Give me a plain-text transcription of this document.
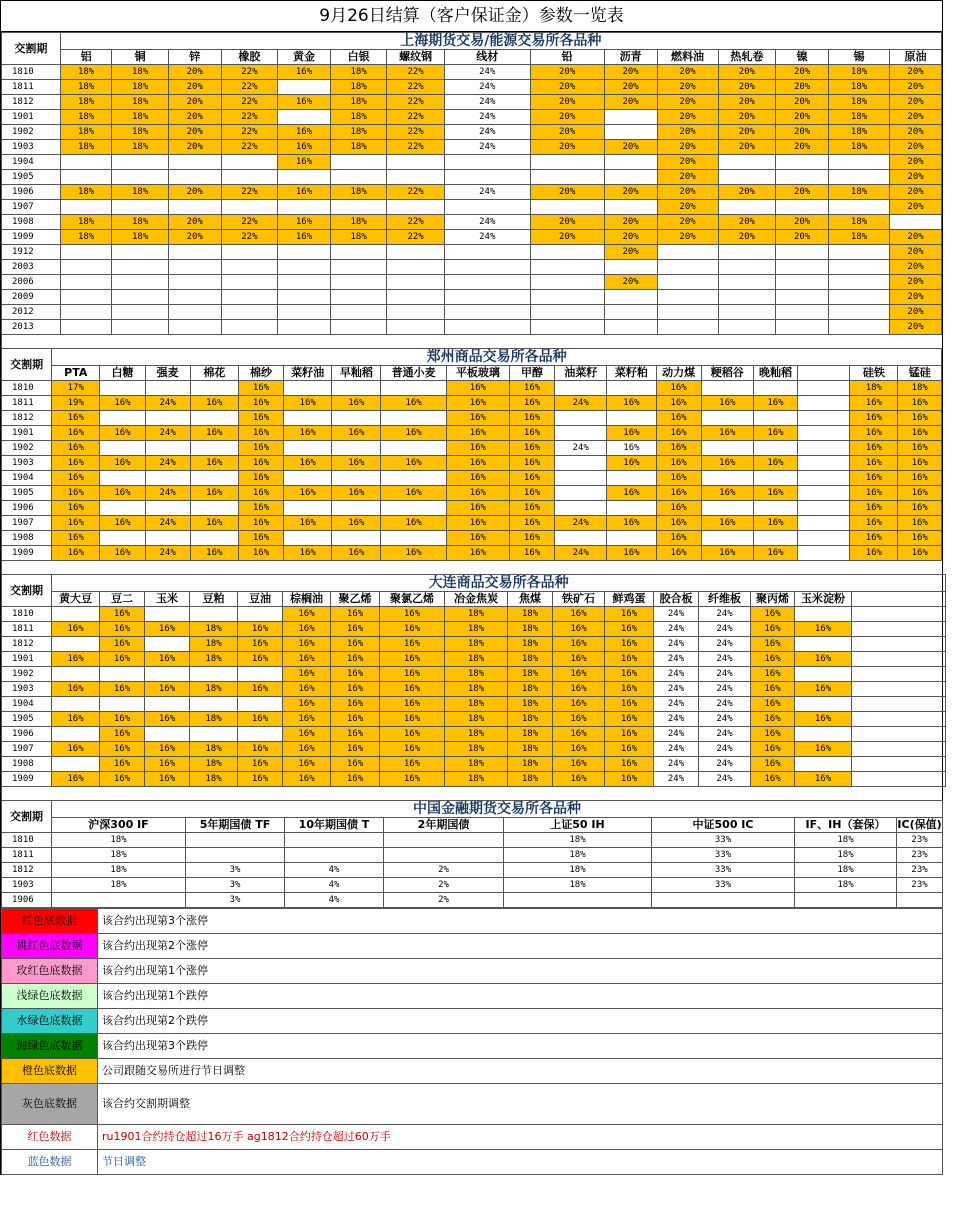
9月26日结算（客户保证金）参数一览表
交割期	上海期货交易/能源交易所各品种														
	铝	铜	锌	橡胶	黄金	白银	螺纹钢	线材	铅	沥青	燃料油	热轧卷	镍	锡	原油
1810	18%	18%	20%	22%	16%	18%	22%	24%	20%	20%	20%	20%	20%	18%	20%
1811	18%	18%	20%	22%		18%	22%	24%	20%	20%	20%	20%	20%	18%	20%
1812	18%	18%	20%	22%	16%	18%	22%	24%	20%	20%	20%	20%	20%	18%	20%
1901	18%	18%	20%	22%		18%	22%	24%	20%		20%	20%	20%	18%	20%
1902	18%	18%	20%	22%	16%	18%	22%	24%	20%		20%	20%	20%	18%	20%
1903	18%	18%	20%	22%	16%	18%	22%	24%	20%	20%	20%	20%	20%	18%	20%
1904					16%						20%				20%
1905											20%				20%
1906	18%	18%	20%	22%	16%	18%	22%	24%	20%	20%	20%	20%	20%	18%	20%
1907											20%				20%
1908	18%	18%	20%	22%	16%	18%	22%	24%	20%	20%	20%	20%	20%	18%	
1909	18%	18%	20%	22%	16%	18%	22%	24%	20%	20%	20%	20%	20%	18%	20%
1912										20%					20%
2003															20%
2006										20%					20%
2009															20%
2012															20%
2013															20%

交割期	郑州商品交易所各品种																	
	PTA	白糖	强麦	棉花	棉纱	菜籽油	早籼稻	普通小麦	平板玻璃	甲醇	油菜籽	菜籽粕	动力煤	粳稻谷	晚籼稻		硅铁	锰硅
1810	17%				16%				16%	16%			16%				18%	18%
1811	19%	16%	24%	16%	16%	16%	16%	16%	16%	16%	24%	16%	16%	16%	16%		16%	16%
1812	16%				16%				16%	16%			16%				16%	16%
1901	16%	16%	24%	16%	16%	16%	16%	16%	16%	16%		16%	16%	16%	16%		16%	16%
1902	16%				16%				16%	16%	24%	16%	16%				16%	16%
1903	16%	16%	24%	16%	16%	16%	16%	16%	16%	16%		16%	16%	16%	16%		16%	16%
1904	16%				16%				16%	16%			16%				16%	16%
1905	16%	16%	24%	16%	16%	16%	16%	16%	16%	16%		16%	16%	16%	16%		16%	16%
1906	16%				16%				16%	16%			16%				16%	16%
1907	16%	16%	24%	16%	16%	16%	16%	16%	16%	16%	24%	16%	16%	16%	16%		16%	16%
1908	16%				16%				16%	16%			16%				16%	16%
1909	16%	16%	24%	16%	16%	16%	16%	16%	16%	16%	24%	16%	16%	16%	16%		16%	16%

交割期	大连商品交易所各品种																
	黄大豆	豆二	玉米	豆粕	豆油	棕榈油	聚乙烯	聚氯乙烯	冶金焦炭	焦煤	铁矿石	鲜鸡蛋	胶合板	纤维板	聚丙烯	玉米淀粉	
1810		16%				16%	16%	16%	18%	18%	16%	16%	24%	24%	16%		
1811	16%	16%	16%	18%	16%	16%	16%	16%	18%	18%	16%	16%	24%	24%	16%	16%	
1812		16%		18%	16%	16%	16%	16%	18%	18%	16%	16%	24%	24%	16%		
1901	16%	16%	16%	18%	16%	16%	16%	16%	18%	18%	16%	16%	24%	24%	16%	16%	
1902						16%	16%	16%	18%	18%	16%	16%	24%	24%	16%		
1903	16%	16%	16%	18%	16%	16%	16%	16%	18%	18%	16%	16%	24%	24%	16%	16%	
1904						16%	16%	16%	18%	18%	16%	16%	24%	24%	16%		
1905	16%	16%	16%	18%	16%	16%	16%	16%	18%	18%	16%	16%	24%	24%	16%	16%	
1906		16%				16%	16%	16%	18%	18%	16%	16%	24%	24%	16%		
1907	16%	16%	16%	18%	16%	16%	16%	16%	18%	18%	16%	16%	24%	24%	16%	16%	
1908		16%	16%	18%	16%	16%	16%	16%	18%	18%	16%	16%	24%	24%	16%		
1909	16%	16%	16%	18%	16%	16%	16%	16%	18%	18%	16%	16%	24%	24%	16%	16%	

交割期	中国金融期货交易所各品种							
	沪深300 IF	5年期国债 TF	10年期国债 T	2年期国债	上证50 IH	中证500 IC	IF、IH（套保）	IC(保值)
1810	18%				18%	33%	18%	23%
1811	18%				18%	33%	18%	23%
1812	18%	3%	4%	2%	18%	33%	18%	23%
1903	18%	3%	4%	2%	18%	33%	18%	23%
1906		3%	4%	2%				
红色底数据	该合约出现第3个涨停
桃红色底数据	该合约出现第2个涨停
玫红色底数据	该合约出现第1个涨停
浅绿色底数据	该合约出现第1个跌停
水绿色底数据	该合约出现第2个跌停
海绿色底数据	该合约出现第3个跌停
橙色底数据	公司跟随交易所进行节日调整
灰色底数据	该合约交割期调整
红色数据	ru1901合约持仓超过16万手 ag1812合约持仓超过60万手
蓝色数据	节日调整
